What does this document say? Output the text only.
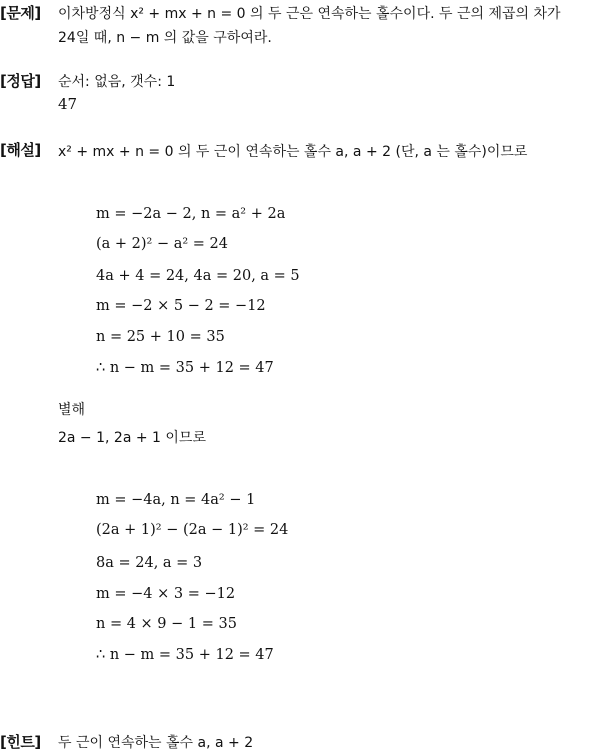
[문제] 이차방정식 x² + mx + n = 0 의 두 근은 연속하는 홀수이다. 두 근의 제곱의 차가
24일 때, n − m 의 값을 구하여라.
[정답] 순서: 없음, 갯수: 1
47
[해설] x² + mx + n = 0 의 두 근이 연속하는 홀수 a, a + 2 (단, a 는 홀수)이므로
m = −2a − 2, n = a² + 2a
(a + 2)² − a² = 24
4a + 4 = 24, 4a = 20, a = 5
m = −2 × 5 − 2 = −12
n = 25 + 10 = 35
∴ n − m = 35 + 12 = 47
별해
2a − 1, 2a + 1 이므로
m = −4a, n = 4a² − 1
(2a + 1)² − (2a − 1)² = 24
8a = 24, a = 3
m = −4 × 3 = −12
n = 4 × 9 − 1 = 35
∴ n − m = 35 + 12 = 47
[힌트] 두 근이 연속하는 홀수 a, a + 2
